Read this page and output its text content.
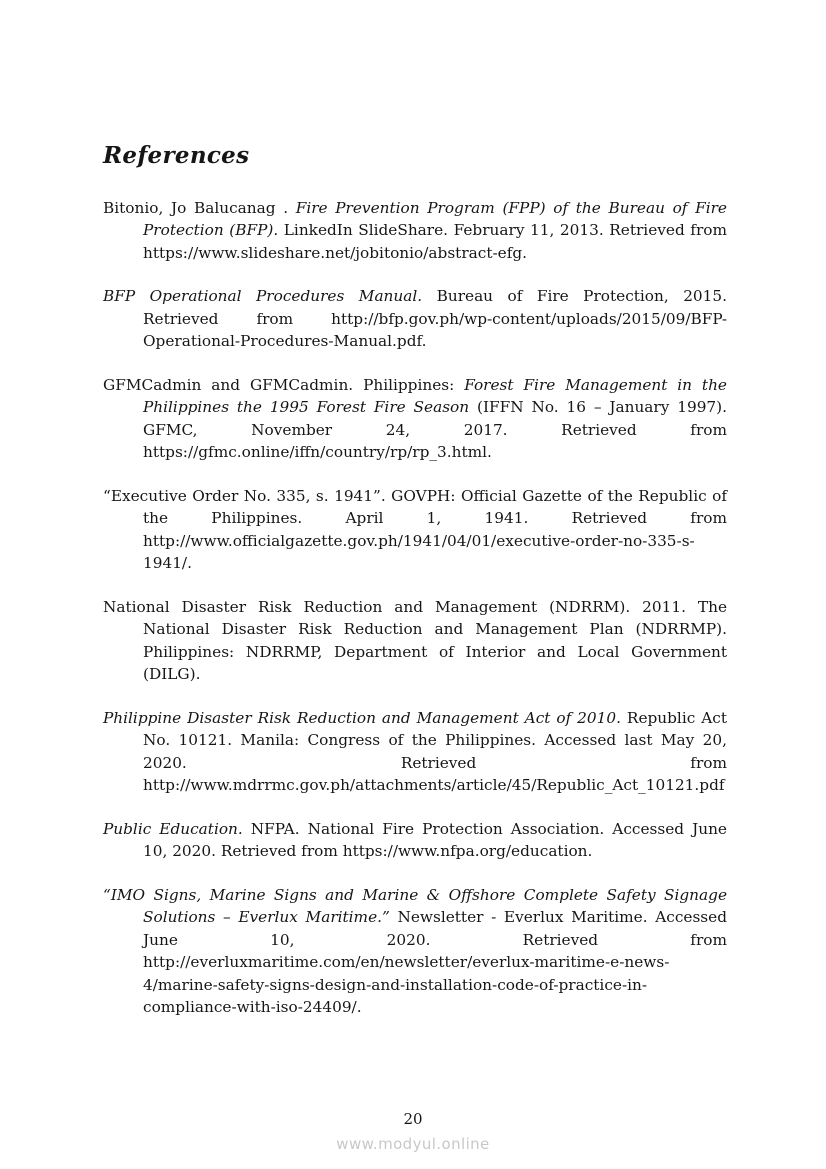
References

Bitonio, Jo Balucanag . Fire Prevention Program (FPP) of the Bureau of Fire Protection (BFP). LinkedIn SlideShare. February 11, 2013. Retrieved from https://www.slideshare.net/jobitonio/abstract-efg.

BFP Operational Procedures Manual. Bureau of Fire Protection, 2015. Retrieved from http://bfp.gov.ph/wp-content/uploads/2015/09/BFP-Operational-Procedures-Manual.pdf.

GFMCadmin and GFMCadmin. Philippines: Forest Fire Management in the Philippines the 1995 Forest Fire Season (IFFN No. 16 – January 1997). GFMC, November 24, 2017. Retrieved from https://gfmc.online/iffn/country/rp/rp_3.html.

“Executive Order No. 335, s. 1941”. GOVPH: Official Gazette of the Republic of the Philippines. April 1, 1941. Retrieved from http://www.officialgazette.gov.ph/1941/04/01/executive-order-no-335-s-1941/.

National Disaster Risk Reduction and Management (NDRRM). 2011. The National Disaster Risk Reduction and Management Plan (NDRRMP). Philippines: NDRRMP, Department of Interior and Local Government (DILG).

Philippine Disaster Risk Reduction and Management Act of 2010. Republic Act No. 10121. Manila: Congress of the Philippines. Accessed last May 20, 2020. Retrieved from http://www.mdrrmc.gov.ph/attachments/article/45/Republic_Act_10121.pdf

Public Education. NFPA. National Fire Protection Association. Accessed June 10, 2020. Retrieved from https://www.nfpa.org/education.

“IMO Signs, Marine Signs and Marine & Offshore Complete Safety Signage Solutions – Everlux Maritime.” Newsletter - Everlux Maritime. Accessed June 10, 2020. Retrieved from http://everluxmaritime.com/en/newsletter/everlux-maritime-e-news-4/marine-safety-signs-design-and-installation-code-of-practice-in-compliance-with-iso-24409/.

20
www.modyul.online
